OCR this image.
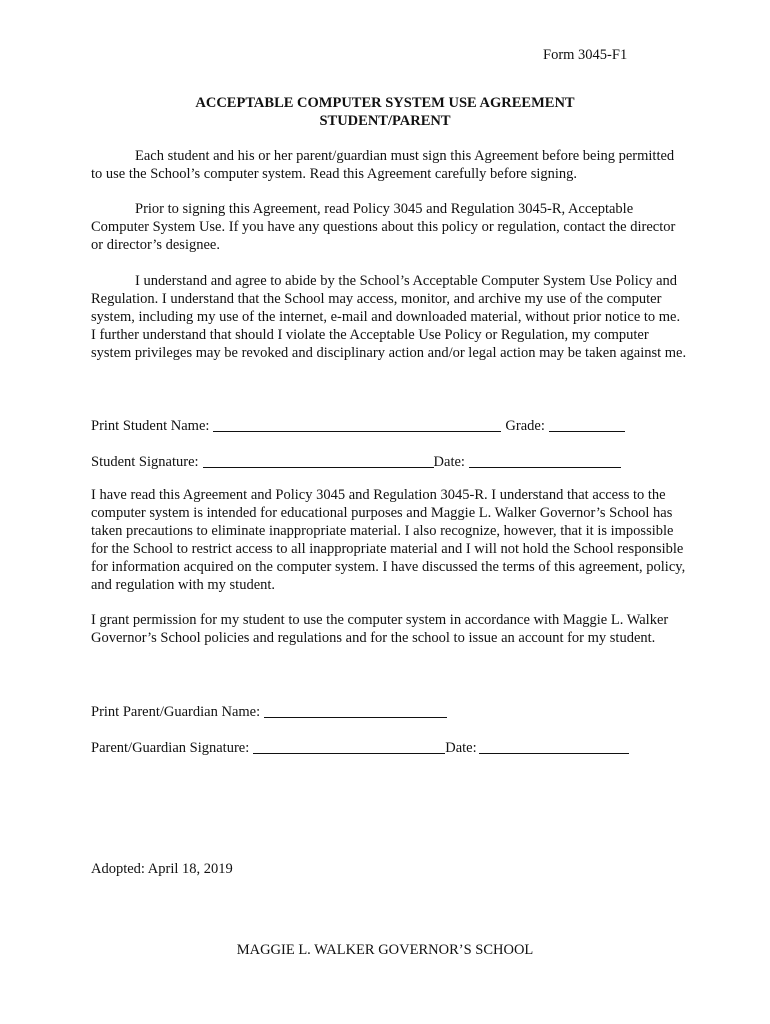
Form 3045-F1
ACCEPTABLE COMPUTER SYSTEM USE AGREEMENT
STUDENT/PARENT

Each student and his or her parent/guardian must sign this Agreement before being permitted to use the School’s computer system. Read this Agreement carefully before signing.

Prior to signing this Agreement, read Policy 3045 and Regulation 3045-R, Acceptable Computer System Use. If you have any questions about this policy or regulation, contact the director or director’s designee.

I understand and agree to abide by the School’s Acceptable Computer System Use Policy and Regulation. I understand that the School may access, monitor, and archive my use of the computer system, including my use of the internet, e-mail and downloaded material, without prior notice to me. I further understand that should I violate the Acceptable Use Policy or Regulation, my computer system privileges may be revoked and disciplinary action and/or legal action may be taken against me.

Print Student Name:	Grade:
Student Signature:	Date:

I have read this Agreement and Policy 3045 and Regulation 3045-R. I understand that access to the computer system is intended for educational purposes and Maggie L. Walker Governor’s School has taken precautions to eliminate inappropriate material. I also recognize, however, that it is impossible for the School to restrict access to all inappropriate material and I will not hold the School responsible for information acquired on the computer system. I have discussed the terms of this agreement, policy, and regulation with my student.

I grant permission for my student to use the computer system in accordance with Maggie L. Walker Governor’s School policies and regulations and for the school to issue an account for my student.

Print Parent/Guardian Name:
Parent/Guardian Signature:	Date:
Adopted: April 18, 2019
MAGGIE L. WALKER GOVERNOR’S SCHOOL
